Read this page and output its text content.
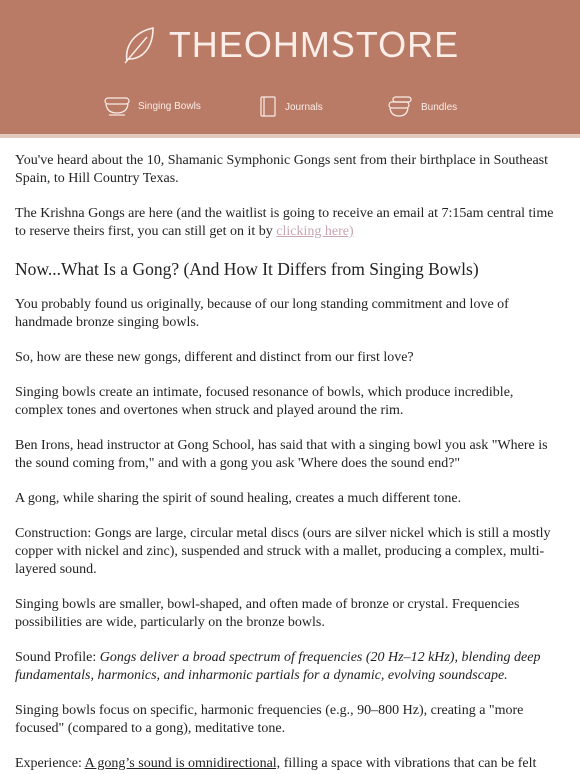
THEOHMSTORE
Singing Bowls	Journals	Bundles

You've heard about the 10, Shamanic Symphonic Gongs sent from their birthplace in Southeast Spain, to Hill Country Texas.

The Krishna Gongs are here (and the waitlist is going to receive an email at 7:15am central time to reserve theirs first, you can still get on it by clicking here)

Now...What Is a Gong? (And How It Differs from Singing Bowls)

You probably found us originally, because of our long standing commitment and love of handmade bronze singing bowls.

So, how are these new gongs, different and distinct from our first love?

Singing bowls create an intimate, focused resonance of bowls, which produce incredible, complex tones and overtones when struck and played around the rim.

Ben Irons, head instructor at Gong School, has said that with a singing bowl you ask "Where is the sound coming from," and with a gong you ask 'Where does the sound end?"

A gong, while sharing the spirit of sound healing, creates a much different tone.

Construction: Gongs are large, circular metal discs (ours are silver nickel which is still a mostly copper with nickel and zinc), suspended and struck with a mallet, producing a complex, multi-layered sound.

Singing bowls are smaller, bowl-shaped, and often made of bronze or crystal. Frequencies possibilities are wide, particularly on the bronze bowls.

Sound Profile: Gongs deliver a broad spectrum of frequencies (20 Hz–12 kHz), blending deep fundamentals, harmonics, and inharmonic partials for a dynamic, evolving soundscape.

Singing bowls focus on specific, harmonic frequencies (e.g., 90–800 Hz), creating a "more focused" (compared to a gong), meditative tone.

Experience: A gong’s sound is omnidirectional, filling a space with vibrations that can be felt
